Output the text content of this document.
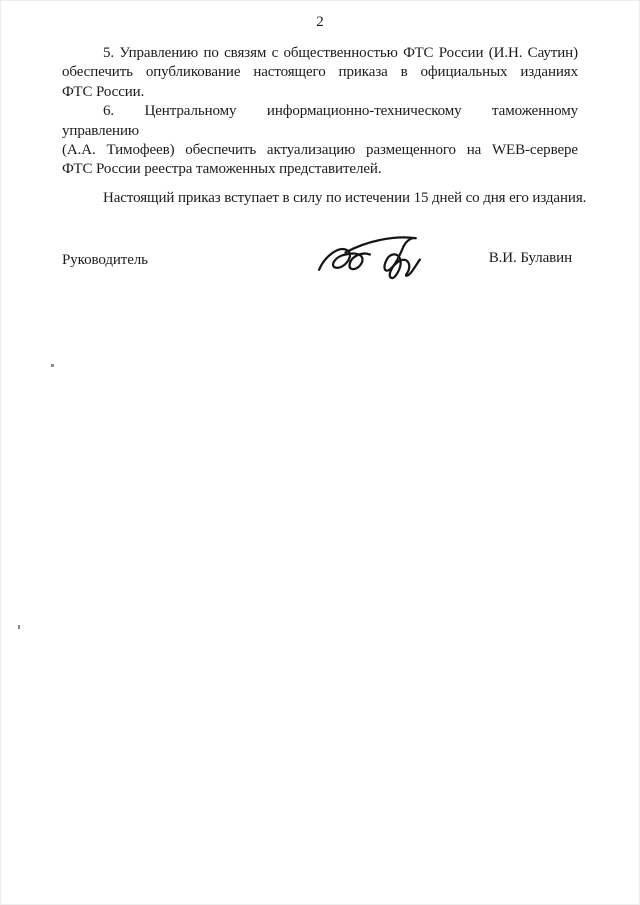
2
5. Управлению по связям с общественностью ФТС России (И.Н. Саутин)
обеспечить опубликование настоящего приказа в официальных изданиях
ФТС России.
6. Центральному информационно-техническому таможенному управлению
(А.А. Тимофеев) обеспечить актуализацию размещенного на WEB-сервере
ФТС России реестра таможенных представителей.
Настоящий приказ вступает в силу по истечении 15 дней со дня его издания.
Руководитель	В.И. Булавин
